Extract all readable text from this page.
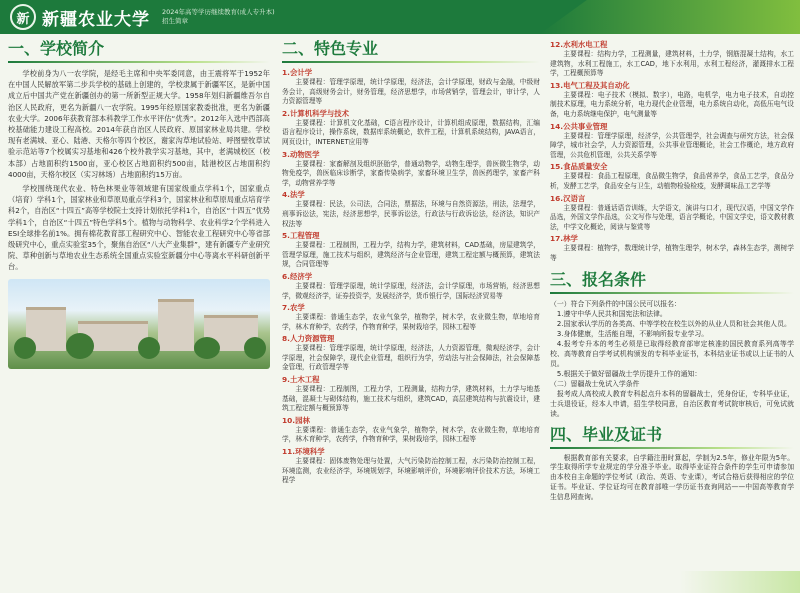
新 新疆农业大学 2024年高等学历继续教育(成人专升本)
招生简章
一、学校简介

学校前身为八一农学院，是经毛主席和中央军委同意，由王震将军于1952年在中国人民解放军第二步兵学校的基础上创建的，学校隶属于新疆军区，是新中国成立后中国共产党在新疆创办的第一所新型正规大学。1958年划归新疆维吾尔自治区人民政府，更名为新疆八一农学院。1995年经原国家教委批准，更名为新疆农业大学。2006年获教育部本科教学工作水平评估“优秀”。2012年入选中西部高校基础能力建设工程高校。2014年获自治区人民政府、原国家林业局共建。学校现有老满城、亚心、陆港、天格尔等四个校区，谢家沟草地试验站、呼图壁牧草试验示范站等7个校属实习基地和426个校外教学实习基地，其中，老满城校区（校本部）占地面积约1500亩，亚心校区占地面积约500亩，陆港校区占地面积约4000亩，天格尔校区（实习林场）占地面积约15万亩。

学校围绕现代农业、特色林果业等领域建有国家级重点学科1个，国家重点（培育）学科1个，国家林业和草原局重点学科3个，国家林业和草原局重点培育学科2个，自治区“十四五”高等学校院士支持计划依托学科1个，自治区“十四五”优势学科1个，自治区“十四五”特色学科5个。植物与动物科学、农业科学2个学科进入ESI全球排名前1%。拥有棉花教育部工程研究中心、智能农业工程研究中心等省部级研究中心，重点实验室35个，聚焦自治区“八大产业集群”，建有新疆专产业研究院、草种创新与草地农业生态系统全国重点实验室新疆分中心等离水平科研创新平台。

二、特色专业
1.会计学
主要课程：管理学原理，统计学原理，经济法，会计学原理，财政与金融，中级财务会计，高级财务会计，财务管理，经济思想学，市场营销学，管理会计，审计学，人力资源管理等
2.计算机科学与技术
主要课程：计算机文化基础，C语言程序设计，计算机组成原理，数据结构，汇编语言程序设计，操作系统，数据库系统概论，软件工程，计算机系统结构，JAVA语言，网页设计，INTERNET应用等
3.动物医学
主要课程：家畜解剖及组织胚胎学，普通动物学，动物生理学，兽医微生物学，动物免疫学，兽医临床诊断学，家畜传染病学，家畜环境卫生学，兽医药理学，家畜产科学，动物营养学等
4.法学
主要课程：民法，公司法，合同法，票据法，环境与自然资源法，刑法，法理学，刑事诉讼法，宪法，经济思想学，民事诉讼法，行政法与行政诉讼法，经济法，知识产权法等
5.工程管理
主要课程：工程制图，工程力学，结构力学，建筑材料，CAD基础，房屋建筑学，管理学原理，施工技术与组织，建筑经济与企业管理，建筑工程定额与概预算，建筑法规，合同管理等
6.经济学
主要课程：管理学原理，统计学原理，经济法，会计学原理，市场营销，经济思想学，微观经济学，证券投资学，发展经济学，货币银行学，国际经济贸易等
7.农学
主要课程：普通生态学，农业气象学，植物学，树木学，农业微生物，草地培育学，林木育种学，农药学，作物育种学，果树栽培学，园林工程等
8.人力资源管理
主要课程：管理学原理，统计学原理，经济法，人力资源管理，微观经济学，会计学原理，社会保障学，现代企业管理，组织行为学，劳动法与社会保障法，社会保障基金管理，行政管理学等
9.土木工程
主要课程：工程制图，工程力学，工程测量，结构力学，建筑材料，土力学与地基基础，混凝土与砌体结构，施工技术与组织，建筑CAD，高层建筑结构与抗震设计，建筑工程定额与概预算等
10.园林
主要课程：普通生态学，农业气象学，植物学，树木学，农业微生物，草地培育学，林木育种学，农药学，作物育种学，果树栽培学，园林工程等
11.环境科学
主要课程：固体废物处理与处置，大气污染防治控制工程，水污染防治控制工程，环境监测，农业经济学，环境规划学，环境影响评价，环境影响评价技术方法，环境工程学
12.水利水电工程
主要课程：结构力学，工程测量，建筑材料，土力学，钢筋混凝土结构，水工建筑物，水利工程施工，水工CAD，地下水利用，水利工程经济，灌溉排水工程学，工程概预算等
13.电气工程及其自动化
主要课程：电子技术（模拟、数字），电路，电机学，电力电子技术，自动控制技术原理，电力系统分析，电力现代企业管理，电力系统自动化，高低压电气设备，电力系统继电保护，电气测量等
14.公共事业管理
主要课程：管理学原理，经济学，公共管理学，社会调查与研究方法，社会保障学，城市社会学，人力资源管理，公共事业管理概论，社会工作概论，地方政府管理，公共危机管理，公共关系学等
15.食品质量安全
主要课程：食品工程原理，食品微生物学，食品营养学，食品工艺学，食品分析，发酵工艺学，食品安全与卫生，动植物检验检疫，发酵调味品工艺学等
16.汉语言
主要课程：普通话语音训练，大学语文，演讲与口才，现代汉语，中国文学作品选，外国文学作品选，公文写作与处理，语言学概论，中国文学史，语文教材教法，中学文化概论，阅读与鉴赏等
17.林学
主要课程：植物学，数理统计学，植物生理学，树木学，森林生态学，测树学等
三、报名条件
（一）符合下列条件的中国公民可以报名：
1.遵守中华人民共和国宪法和法律。
2.国家承认学历的各类高、中等学校在校生以外的从业人员和社会其他人员。
3.身体健康，生活能自理，不影响所报专业学习。
4.报考专升本的考生必须是已取得经教育部审定核准的国民教育系列高等学校、高等教育自学考试机构颁发的专科毕业证书，本科结业证书或以上证书的人员。
5.根据关于做好留疆战士学历提升工作的通知：
（二）留疆战士免试入学条件
报考成人高校成人教育专科起点升本科的留疆战士，凭身份证，专科毕业证，士兵退役证，经本人申请，招生学校同意，自治区教育考试院审核后，可免试就读。
四、毕业及证书

根据教育部有关要求，自学籍注册时算起，学制为2.5年，修业年限为5年。学生取得所学专业规定的学分准予毕业。取得毕业证符合条件的学生可申请参加由本校自主命题的学位考试（政治、英语、专业课），考试合格后获得相应的学位证书。毕业证、学位证均可在教育部唯一学历证书查询网站——中国高等教育学生信息网查询。
